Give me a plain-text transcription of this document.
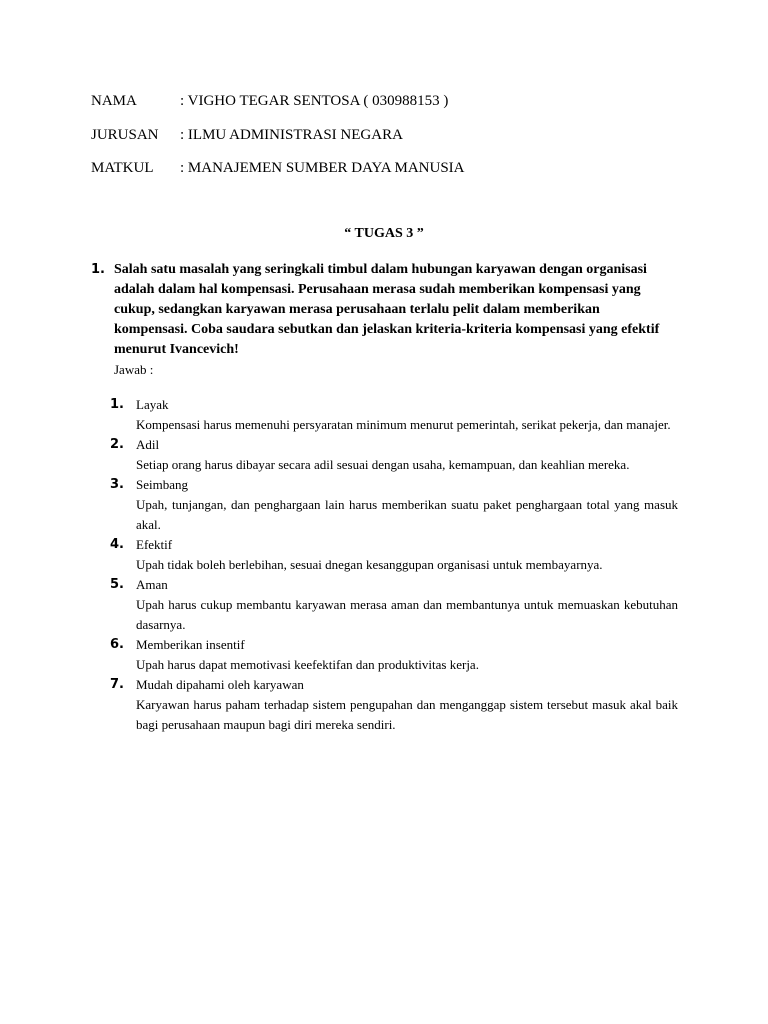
NAMA	: VIGHO TEGAR SENTOSA ( 030988153 )
JURUSAN : ILMU ADMINISTRASI NEGARA
MATKUL : MANAJEMEN SUMBER DAYA MANUSIA
“ TUGAS 3 ”
1. Salah satu masalah yang seringkali timbul dalam hubungan karyawan dengan organisasi adalah dalam hal kompensasi. Perusahaan merasa sudah memberikan kompensasi yang cukup, sedangkan karyawan merasa perusahaan terlalu pelit dalam memberikan kompensasi. Coba saudara sebutkan dan jelaskan kriteria-kriteria kompensasi yang efektif menurut Ivancevich!
Jawab :
1. Layak
Kompensasi harus memenuhi persyaratan minimum menurut pemerintah, serikat pekerja, dan manajer.
2. Adil
Setiap orang harus dibayar secara adil sesuai dengan usaha, kemampuan, dan keahlian mereka.
3. Seimbang
Upah, tunjangan, dan penghargaan lain harus memberikan suatu paket penghargaan total yang masuk akal.
4. Efektif
Upah tidak boleh berlebihan, sesuai dnegan kesanggupan organisasi untuk membayarnya.
5. Aman
Upah harus cukup membantu karyawan merasa aman dan membantunya untuk memuaskan kebutuhan dasarnya.
6. Memberikan insentif
Upah harus dapat memotivasi keefektifan dan produktivitas kerja.
7. Mudah dipahami oleh karyawan
Karyawan harus paham terhadap sistem pengupahan dan menganggap sistem tersebut masuk akal baik bagi perusahaan maupun bagi diri mereka sendiri.
